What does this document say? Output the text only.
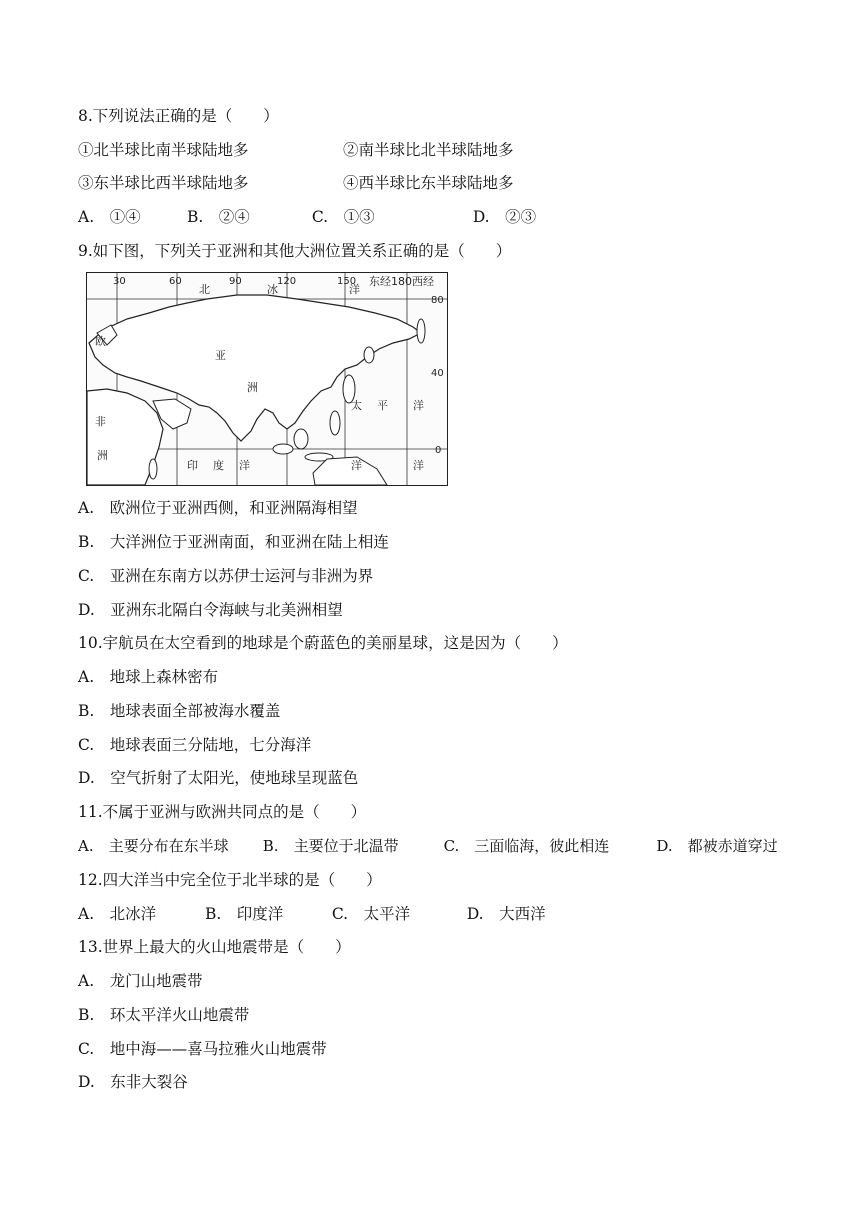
8.下列说法正确的是（　　）
①北半球比南半球陆地多	②南半球比北半球陆地多
③东半球比西半球陆地多	④西半球比东半球陆地多
A.　①④	B.　②④	C.　①③	D.　②③
9.如下图，下列关于亚洲和其他大洲位置关系正确的是（　　）
30	60	90	120	150 东经180西经
80
40
0
北	冰	洋
欧
亚
洲
非
洲
印 度 洋
太 平 洋
洋	洋
A.　欧洲位于亚洲西侧，和亚洲隔海相望
B.　大洋洲位于亚洲南面，和亚洲在陆上相连
C.　亚洲在东南方以苏伊士运河与非洲为界
D.　亚洲东北隔白令海峡与北美洲相望
10.宇航员在太空看到的地球是个蔚蓝色的美丽星球，这是因为（　　）
A.　地球上森林密布
B.　地球表面全部被海水覆盖
C.　地球表面三分陆地，七分海洋
D.　空气折射了太阳光，使地球呈现蓝色
11.不属于亚洲与欧洲共同点的是（　　）
A.　主要分布在东半球 B.　主要位于北温带	C.　三面临海，彼此相连	D.　都被赤道穿过
12.四大洋当中完全位于北半球的是（　　）
A.　北冰洋	B.　印度洋	C.　太平洋	D.　大西洋
13.世界上最大的火山地震带是（　　）
A.　龙门山地震带
B.　环太平洋火山地震带
C.　地中海——喜马拉雅火山地震带
D.　东非大裂谷
